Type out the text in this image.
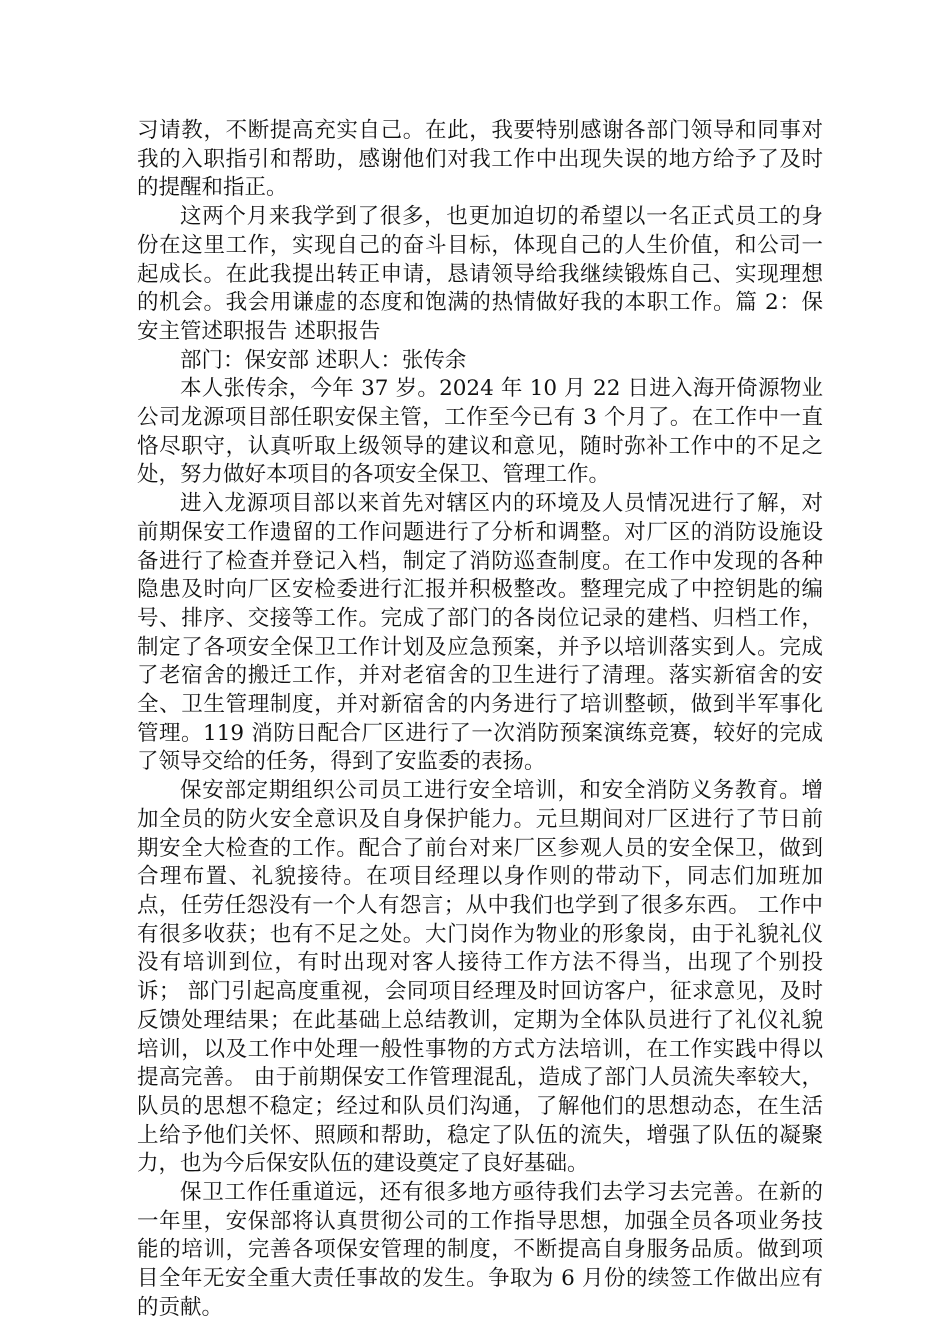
习请教，不断提高充实自己。在此，我要特别感谢各部门领导和同事对我的入职指引和帮助，感谢他们对我工作中出现失误的地方给予了及时的提醒和指正。

这两个月来我学到了很多，也更加迫切的希望以一名正式员工的身份在这里工作，实现自己的奋斗目标，体现自己的人生价值，和公司一起成长。在此我提出转正申请，恳请领导给我继续锻炼自己、实现理想的机会。我会用谦虚的态度和饱满的热情做好我的本职工作。篇 2：保安主管述职报告 述职报告

部门：保安部 述职人：张传余

本人张传余，今年 37 岁。2024 年 10 月 22 日进入海开倚源物业公司龙源项目部任职安保主管，工作至今已有 3 个月了。在工作中一直恪尽职守，认真听取上级领导的建议和意见，随时弥补工作中的不足之处，努力做好本项目的各项安全保卫、管理工作。

进入龙源项目部以来首先对辖区内的环境及人员情况进行了解，对前期保安工作遗留的工作问题进行了分析和调整。对厂区的消防设施设备进行了检查并登记入档，制定了消防巡查制度。在工作中发现的各种隐患及时向厂区安检委进行汇报并积极整改。整理完成了中控钥匙的编号、排序、交接等工作。完成了部门的各岗位记录的建档、归档工作，制定了各项安全保卫工作计划及应急预案，并予以培训落实到人。完成了老宿舍的搬迁工作，并对老宿舍的卫生进行了清理。落实新宿舍的安全、卫生管理制度，并对新宿舍的内务进行了培训整顿，做到半军事化管理。119 消防日配合厂区进行了一次消防预案演练竞赛，较好的完成了领导交给的任务，得到了安监委的表扬。

保安部定期组织公司员工进行安全培训，和安全消防义务教育。增加全员的防火安全意识及自身保护能力。元旦期间对厂区进行了节日前期安全大检查的工作。配合了前台对来厂区参观人员的安全保卫，做到合理布置、礼貌接待。在项目经理以身作则的带动下，同志们加班加点，任劳任怨没有一个人有怨言；从中我们也学到了很多东西。 工作中有很多收获；也有不足之处。大门岗作为物业的形象岗，由于礼貌礼仪没有培训到位，有时出现对客人接待工作方法不得当，出现了个别投诉； 部门引起高度重视，会同项目经理及时回访客户，征求意见，及时反馈处理结果；在此基础上总结教训，定期为全体队员进行了礼仪礼貌培训，以及工作中处理一般性事物的方式方法培训，在工作实践中得以提高完善。 由于前期保安工作管理混乱，造成了部门人员流失率较大，队员的思想不稳定；经过和队员们沟通，了解他们的思想动态，在生活上给予他们关怀、照顾和帮助，稳定了队伍的流失，增强了队伍的凝聚力，也为今后保安队伍的建设奠定了良好基础。

保卫工作任重道远，还有很多地方亟待我们去学习去完善。在新的一年里，安保部将认真贯彻公司的工作指导思想，加强全员各项业务技能的培训，完善各项保安管理的制度，不断提高自身服务品质。做到项目全年无安全重大责任事故的发生。争取为 6 月份的续签工作做出应有的贡献。
